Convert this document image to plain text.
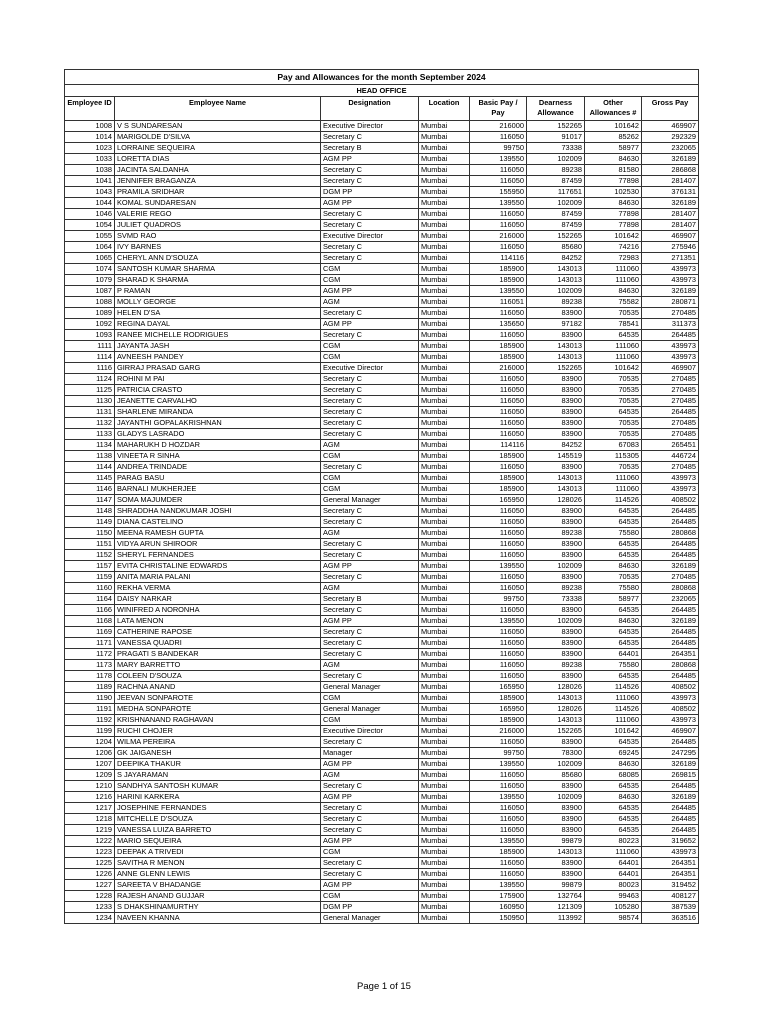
Pay and Allowances for the month September 2024							
HEAD OFFICE							
Employee ID	Employee Name	Designation	Location	Basic Pay / Pay	Dearness Allowance	Other Allowances #	Gross Pay
1008	V S SUNDARESAN	Executive Director	Mumbai	216000	152265	101642	469907
1014	MARIGOLDE D'SILVA	Secretary C	Mumbai	116050	91017	85262	292329
1023	LORRAINE SEQUEIRA	Secretary B	Mumbai	99750	73338	58977	232065
1033	LORETTA DIAS	AGM PP	Mumbai	139550	102009	84630	326189
1038	JACINTA SALDANHA	Secretary C	Mumbai	116050	89238	81580	286868
1041	JENNIFER BRAGANZA	Secretary C	Mumbai	116050	87459	77898	281407
1043	PRAMILA SRIDHAR	DGM PP	Mumbai	155950	117651	102530	376131
1044	KOMAL SUNDARESAN	AGM PP	Mumbai	139550	102009	84630	326189
1046	VALERIE REGO	Secretary C	Mumbai	116050	87459	77898	281407
1054	JULIET QUADROS	Secretary C	Mumbai	116050	87459	77898	281407
1055	SVMD RAO	Executive Director	Mumbai	216000	152265	101642	469907
1064	IVY BARNES	Secretary C	Mumbai	116050	85680	74216	275946
1065	CHERYL ANN D'SOUZA	Secretary C	Mumbai	114116	84252	72983	271351
1074	SANTOSH KUMAR SHARMA	CGM	Mumbai	185900	143013	111060	439973
1079	SHARAD K SHARMA	CGM	Mumbai	185900	143013	111060	439973
1087	P RAMAN	AGM PP	Mumbai	139550	102009	84630	326189
1088	MOLLY GEORGE	AGM	Mumbai	116051	89238	75582	280871
1089	HELEN D'SA	Secretary C	Mumbai	116050	83900	70535	270485
1092	REGINA DAYAL	AGM PP	Mumbai	135650	97182	78541	311373
1093	RANEE MICHELLE RODRIGUES	Secretary C	Mumbai	116050	83900	64535	264485
1111	JAYANTA JASH	CGM	Mumbai	185900	143013	111060	439973
1114	AVNEESH PANDEY	CGM	Mumbai	185900	143013	111060	439973
1116	GIRRAJ PRASAD GARG	Executive Director	Mumbai	216000	152265	101642	469907
1124	ROHINI M PAI	Secretary C	Mumbai	116050	83900	70535	270485
1125	PATRICIA CRASTO	Secretary C	Mumbai	116050	83900	70535	270485
1130	JEANETTE CARVALHO	Secretary C	Mumbai	116050	83900	70535	270485
1131	SHARLENE MIRANDA	Secretary C	Mumbai	116050	83900	64535	264485
1132	JAYANTHI GOPALAKRISHNAN	Secretary C	Mumbai	116050	83900	70535	270485
1133	GLADYS LASRADO	Secretary C	Mumbai	116050	83900	70535	270485
1134	MAHARUKH D HOZDAR	AGM	Mumbai	114116	84252	67083	265451
1138	VINEETA R SINHA	CGM	Mumbai	185900	145519	115305	446724
1144	ANDREA TRINDADE	Secretary C	Mumbai	116050	83900	70535	270485
1145	PARAG BASU	CGM	Mumbai	185900	143013	111060	439973
1146	BARNALI MUKHERJEE	CGM	Mumbai	185900	143013	111060	439973
1147	SOMA MAJUMDER	General Manager	Mumbai	165950	128026	114526	408502
1148	SHRADDHA NANDKUMAR JOSHI	Secretary C	Mumbai	116050	83900	64535	264485
1149	DIANA CASTELINO	Secretary C	Mumbai	116050	83900	64535	264485
1150	MEENA RAMESH GUPTA	AGM	Mumbai	116050	89238	75580	280868
1151	VIDYA ARUN SHIROOR	Secretary C	Mumbai	116050	83900	64535	264485
1152	SHERYL FERNANDES	Secretary C	Mumbai	116050	83900	64535	264485
1157	EVITA CHRISTALINE EDWARDS	AGM PP	Mumbai	139550	102009	84630	326189
1159	ANITA MARIA PALANI	Secretary C	Mumbai	116050	83900	70535	270485
1160	REKHA VERMA	AGM	Mumbai	116050	89238	75580	280868
1164	DAISY NARKAR	Secretary B	Mumbai	99750	73338	58977	232065
1166	WINIFRED A NORONHA	Secretary C	Mumbai	116050	83900	64535	264485
1168	LATA MENON	AGM PP	Mumbai	139550	102009	84630	326189
1169	CATHERINE RAPOSE	Secretary C	Mumbai	116050	83900	64535	264485
1171	VANESSA QUADRI	Secretary C	Mumbai	116050	83900	64535	264485
1172	PRAGATI S BANDEKAR	Secretary C	Mumbai	116050	83900	64401	264351
1173	MARY BARRETTO	AGM	Mumbai	116050	89238	75580	280868
1178	COLEEN D'SOUZA	Secretary C	Mumbai	116050	83900	64535	264485
1189	RACHNA ANAND	General Manager	Mumbai	165950	128026	114526	408502
1190	JEEVAN SONPAROTE	CGM	Mumbai	185900	143013	111060	439973
1191	MEDHA SONPAROTE	General Manager	Mumbai	165950	128026	114526	408502
1192	KRISHNANAND RAGHAVAN	CGM	Mumbai	185900	143013	111060	439973
1199	RUCHI CHOJER	Executive Director	Mumbai	216000	152265	101642	469907
1204	WILMA PEREIRA	Secretary C	Mumbai	116050	83900	64535	264485
1206	GK JAIGANESH	Manager	Mumbai	99750	78300	69245	247295
1207	DEEPIKA THAKUR	AGM PP	Mumbai	139550	102009	84630	326189
1209	S JAYARAMAN	AGM	Mumbai	116050	85680	68085	269815
1210	SANDHYA SANTOSH KUMAR	Secretary C	Mumbai	116050	83900	64535	264485
1216	HARINI KARKERA	AGM PP	Mumbai	139550	102009	84630	326189
1217	JOSEPHINE FERNANDES	Secretary C	Mumbai	116050	83900	64535	264485
1218	MITCHELLE D'SOUZA	Secretary C	Mumbai	116050	83900	64535	264485
1219	VANESSA LUIZA BARRETO	Secretary C	Mumbai	116050	83900	64535	264485
1222	MARIO SEQUEIRA	AGM PP	Mumbai	139550	99879	80223	319652
1223	DEEPAK A TRIVEDI	CGM	Mumbai	185900	143013	111060	439973
1225	SAVITHA R MENON	Secretary C	Mumbai	116050	83900	64401	264351
1226	ANNE GLENN LEWIS	Secretary C	Mumbai	116050	83900	64401	264351
1227	SAREETA V BHADANGE	AGM PP	Mumbai	139550	99879	80023	319452
1228	RAJESH ANAND GUJJAR	CGM	Mumbai	175900	132764	99463	408127
1233	S DHAKSHINAMURTHY	DGM PP	Mumbai	160950	121309	105280	387539
1234	NAVEEN KHANNA	General Manager	Mumbai	150950	113992	98574	363516
Page 1 of 15
